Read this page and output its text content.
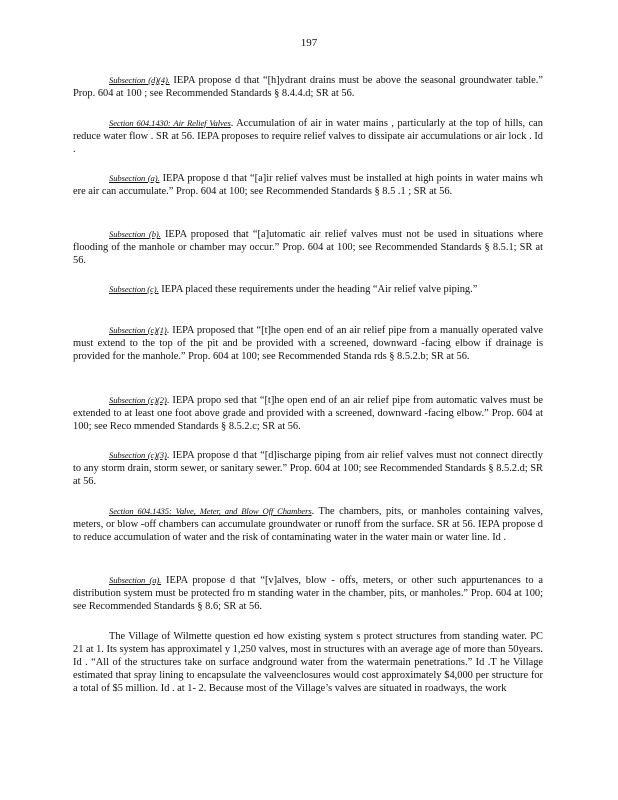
197
Subsection (d)(4). IEPA propose d that “[h]ydrant drains must be above the seasonal groundwater table.” Prop. 604 at 100 ; see Recommended Standards § 8.4.4.d; SR at 56.
Section 604.1430: Air Relief Valves. Accumulation of air in water mains , particularly at the top of hills, can reduce water flow . SR at 56. IEPA proposes to require relief valves to dissipate air accumulations or air lock . Id .
Subsection (a). IEPA propose d that “[a]ir relief valves must be installed at high points in water mains wh ere air can accumulate.” Prop. 604 at 100; see Recommended Standards § 8.5 .1 ; SR at 56.
Subsection (b). IEPA proposed that “[a]utomatic air relief valves must not be used in situations where flooding of the manhole or chamber may occur.” Prop. 604 at 100; see Recommended Standards § 8.5.1; SR at 56.
Subsection (c). IEPA placed these requirements under the heading “Air relief valve piping.”
Subsection (c)(1). IEPA proposed that “[t]he open end of an air relief pipe from a manually operated valve must extend to the top of the pit and be provided with a screened, downward -facing elbow if drainage is provided for the manhole.” Prop. 604 at 100; see Recommended Standa rds § 8.5.2.b; SR at 56.
Subsection (c)(2). IEPA propo sed that “[t]he open end of an air relief pipe from automatic valves must be extended to at least one foot above grade and provided with a screened, downward -facing elbow.” Prop. 604 at 100; see Reco mmended Standards § 8.5.2.c; SR at 56.
Subsection (c)(3). IEPA propose d that “[d]ischarge piping from air relief valves must not connect directly to any storm drain, storm sewer, or sanitary sewer.” Prop. 604 at 100; see Recommended Standards § 8.5.2.d; SR at 56.
Section 604.1435: Valve, Meter, and Blow Off Chambers. The chambers, pits, or manholes containing valves, meters, or blow -off chambers can accumulate groundwater or runoff from the surface. SR at 56. IEPA propose d to reduce accumulation of water and the risk of contaminating water in the water main or water line. Id .
Subsection (a). IEPA propose d that “[v]alves, blow - offs, meters, or other such appurtenances to a distribution system must be protected fro m standing water in the chamber, pits, or manholes.” Prop. 604 at 100; see Recommended Standards § 8.6; SR at 56.
The Village of Wilmette question ed how existing system s protect structures from standing water. PC 21 at 1. Its system has approximatel y 1,250 valves, most in structures with an average age of more than 50years. Id . “All of the structures take on surface andground water from the watermain penetrations.” Id .T he Village estimated that spray lining to encapsulate the valveenclosures would cost approximately $4,000 per structure for a total of $5 million. Id . at 1- 2. Because most of the Village’s valves are situated in roadways, the work
